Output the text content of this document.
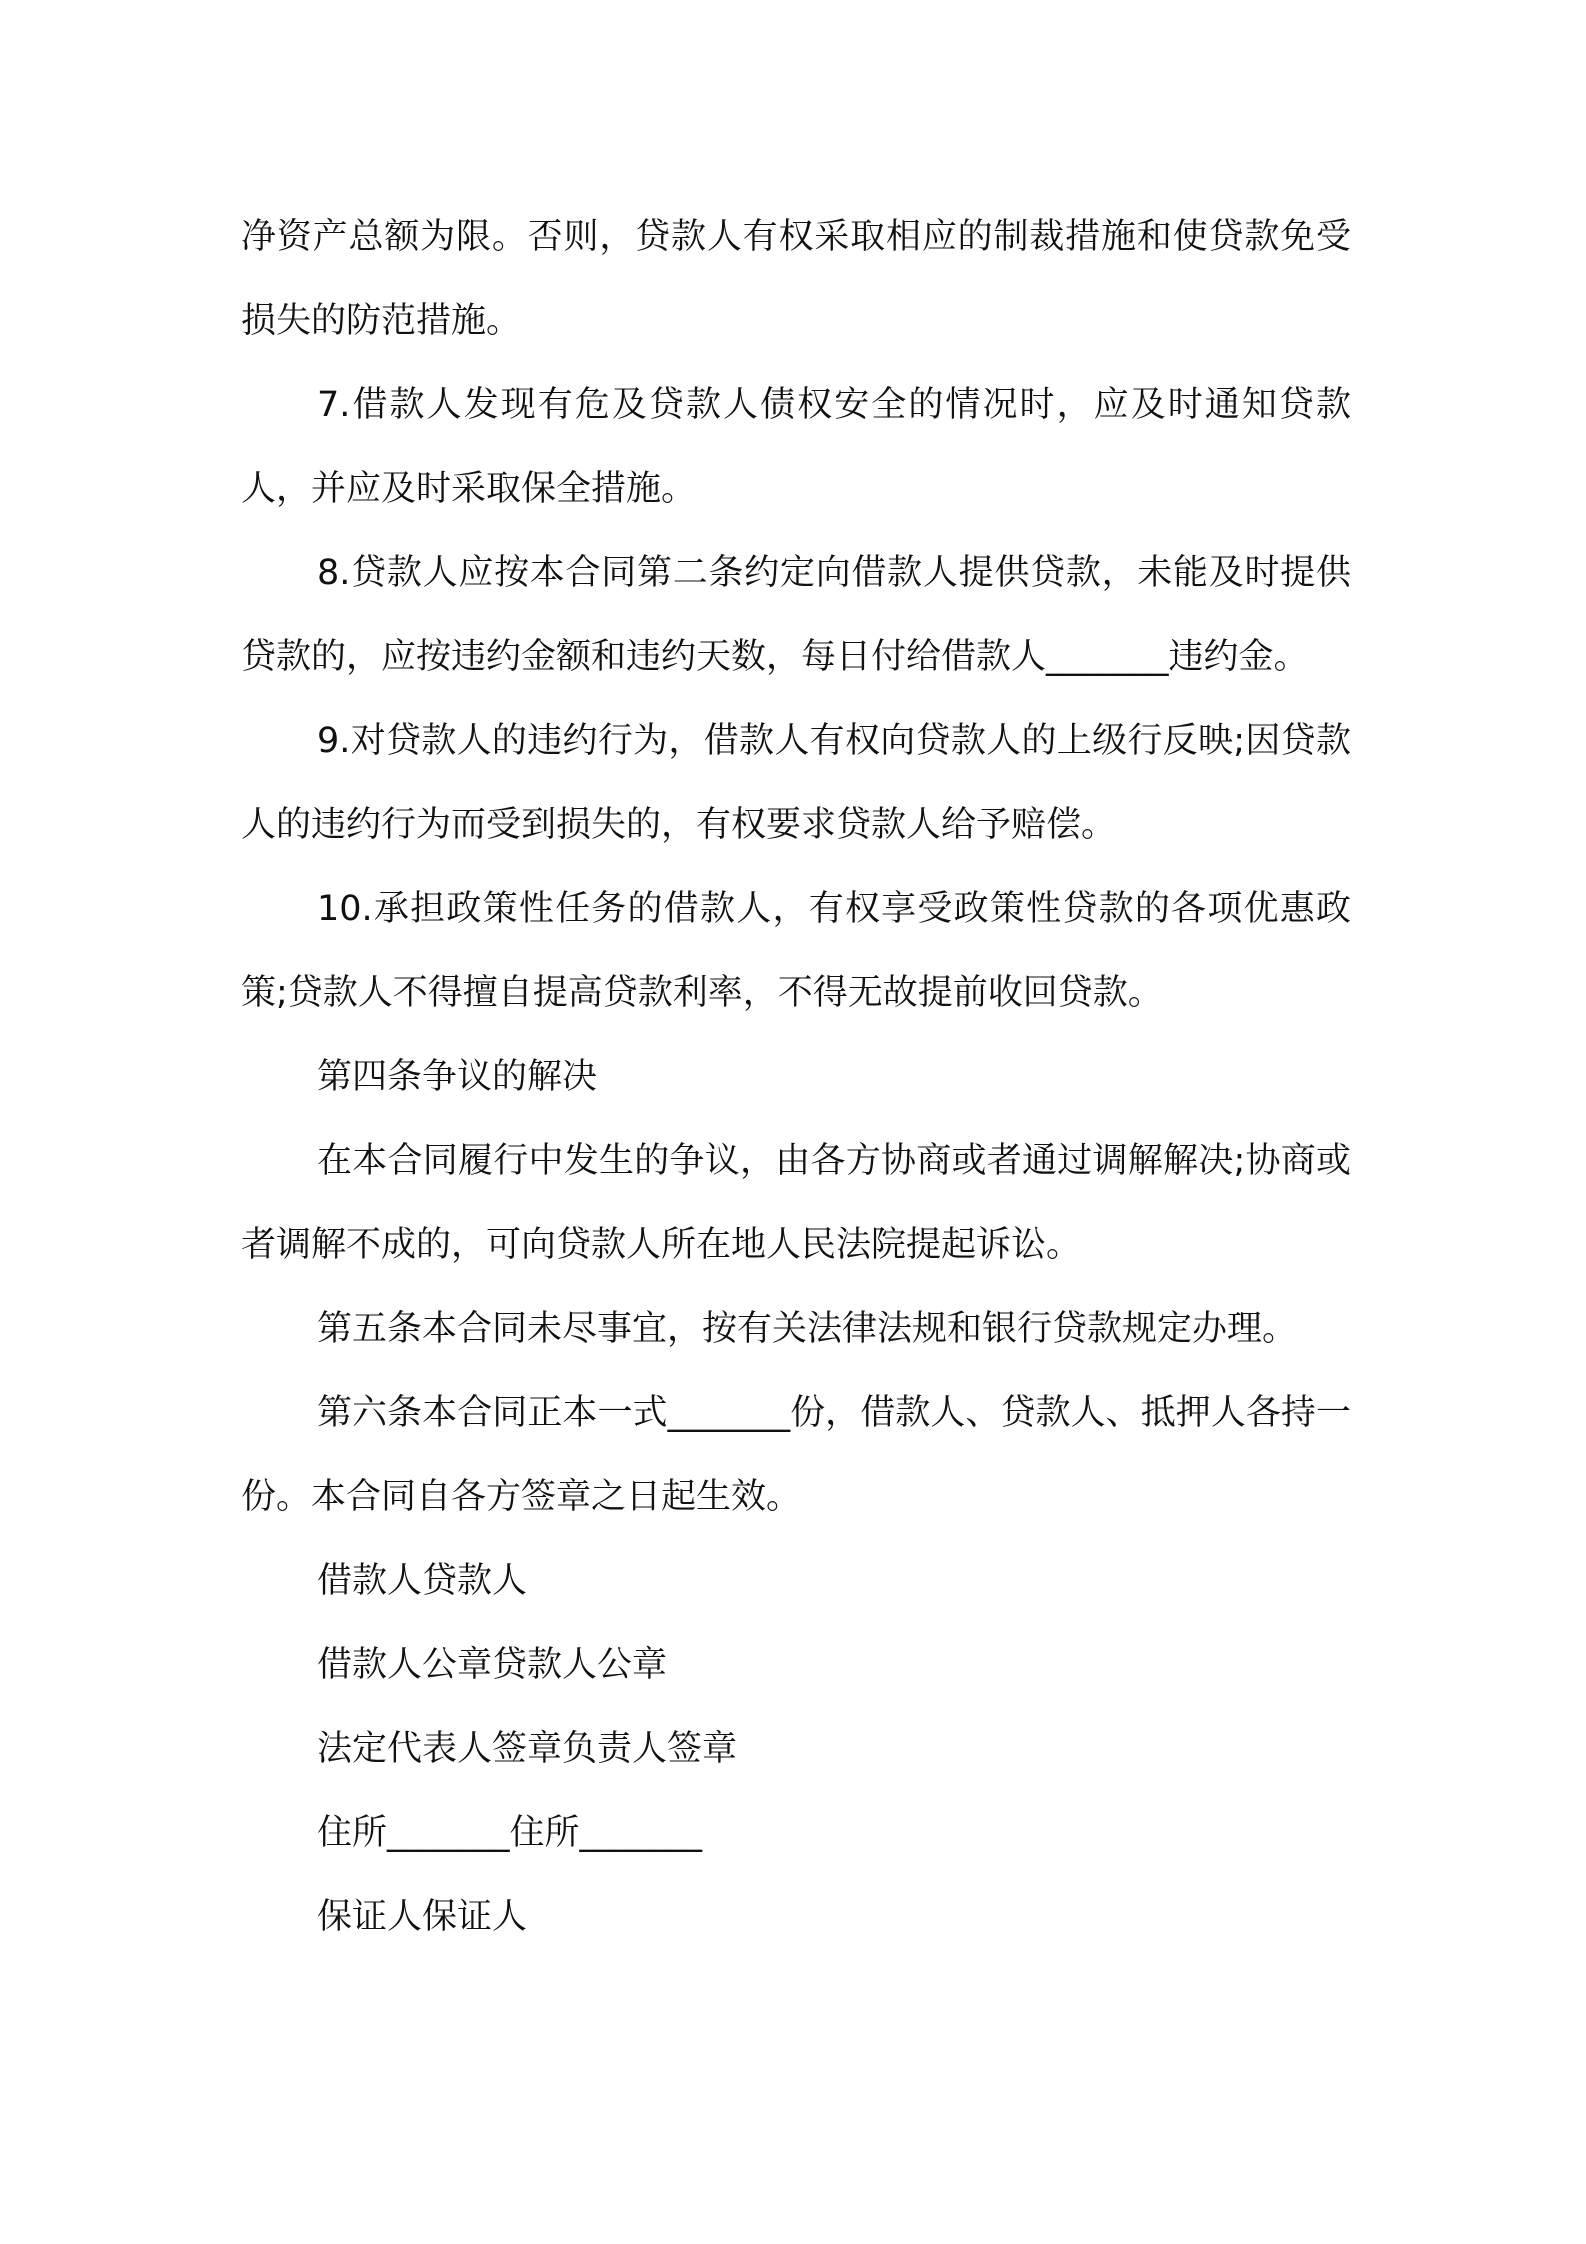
净资产总额为限。否则，贷款人有权采取相应的制裁措施和使贷款免受损失的防范措施。

7.借款人发现有危及贷款人债权安全的情况时，应及时通知贷款人，并应及时采取保全措施。

8.贷款人应按本合同第二条约定向借款人提供贷款，未能及时提供贷款的，应按违约金额和违约天数，每日付给借款人_______违约金。

9.对贷款人的违约行为，借款人有权向贷款人的上级行反映;因贷款人的违约行为而受到损失的，有权要求贷款人给予赔偿。

10.承担政策性任务的借款人，有权享受政策性贷款的各项优惠政策;贷款人不得擅自提高贷款利率，不得无故提前收回贷款。

第四条争议的解决

在本合同履行中发生的争议，由各方协商或者通过调解解决;协商或者调解不成的，可向贷款人所在地人民法院提起诉讼。

第五条本合同未尽事宜，按有关法律法规和银行贷款规定办理。

第六条本合同正本一式_______份，借款人、贷款人、抵押人各持一份。本合同自各方签章之日起生效。

借款人贷款人
借款人公章贷款人公章
法定代表人签章负责人签章
住所_______住所_______
保证人保证人
